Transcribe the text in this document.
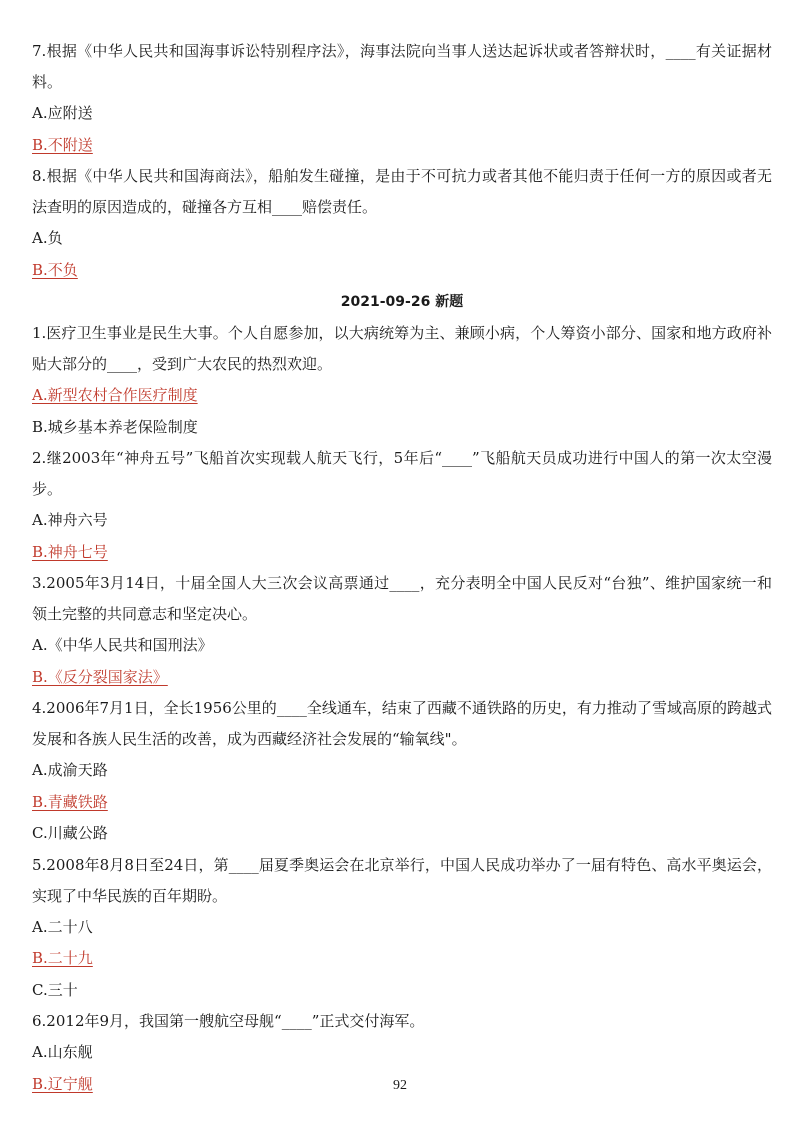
7.根据《中华人民共和国海事诉讼特别程序法》，海事法院向当事人送达起诉状或者答辩状时，____有关证据材料。

A.应附送

B.不附送

8.根据《中华人民共和国海商法》，船舶发生碰撞，是由于不可抗力或者其他不能归责于任何一方的原因或者无法查明的原因造成的，碰撞各方互相____赔偿责任。

A.负

B.不负

2021-09-26 新题

1.医疗卫生事业是民生大事。个人自愿参加，以大病统筹为主、兼顾小病，个人筹资小部分、国家和地方政府补贴大部分的____，受到广大农民的热烈欢迎。

A.新型农村合作医疗制度

B.城乡基本养老保险制度

2.继2003年“神舟五号”飞船首次实现载人航天飞行，5年后“____”飞船航天员成功进行中国人的第一次太空漫步。

A.神舟六号

B.神舟七号

3.2005年3月14日，十届全国人大三次会议高票通过____，充分表明全中国人民反对“台独”、维护国家统一和领土完整的共同意志和坚定决心。

A.《中华人民共和国刑法》

B.《反分裂国家法》

4.2006年7月1日，全长1956公里的____全线通车，结束了西藏不通铁路的历史，有力推动了雪域高原的跨越式发展和各族人民生活的改善，成为西藏经济社会发展的“输氧线"。

A.成渝天路

B.青藏铁路

C.川藏公路

5.2008年8月8日至24日，第____届夏季奥运会在北京举行，中国人民成功举办了一届有特色、高水平奥运会，实现了中华民族的百年期盼。

A.二十八

B.二十九

C.三十

6.2012年9月，我国第一艘航空母舰“____”正式交付海军。

A.山东舰

B.辽宁舰	92
